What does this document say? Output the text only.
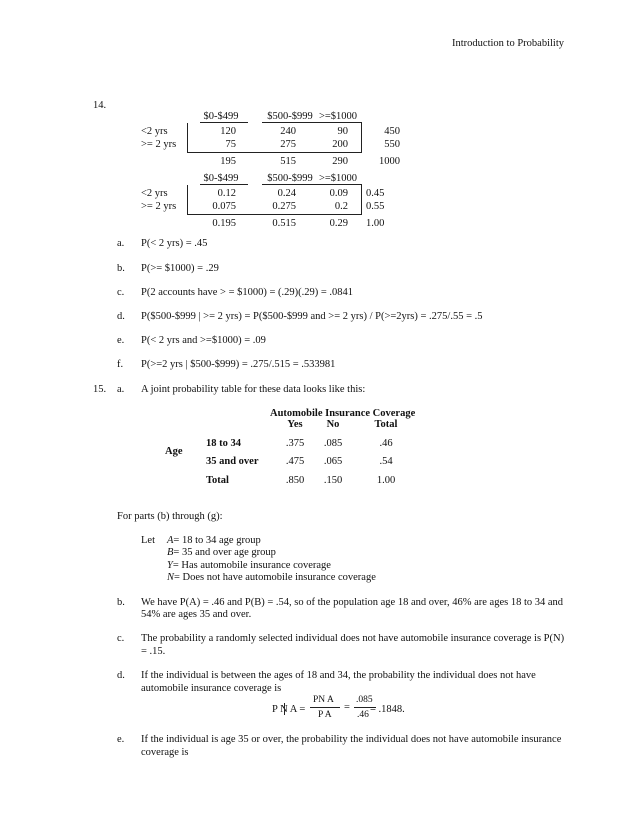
Introduction to Probability
14.
$0-$499	$500-$999 >=$1000
<2 yrs	120	240	90	450
>= 2 yrs	75	275	200	550
195	515	290	1000
$0-$499	$500-$999 >=$1000
<2 yrs	0.12	0.24	0.09 0.45
>= 2 yrs	0.075	0.275	0.2 0.55
0.195	0.515	0.29 1.00
a. P(< 2 yrs) = .45
b. P(>= $1000) = .29
c. P(2 accounts have > = $1000) = (.29)(.29) = .0841
d. P($500-$999 | >= 2 yrs) = P($500-$999 and >= 2 yrs) / P(>=2yrs) = .275/.55 = .5
e. P(< 2 yrs and >=$1000) = .09
f. P(>=2 yrs | $500-$999) = .275/.515 = .533981
15. a. A joint probability table for these data looks like this:
Automobile Insurance Coverage
Yes	No	Total
Age
18 to 34	.375	.085	.46
35 and over	.475	.065	.54
Total	.850	.150	1.00
For parts (b) through (g):
Let A= 18 to 34 age group
B= 35 and over age group
Y= Has automobile insurance coverage
N= Does not have automobile insurance coverage
b. We have P(A) = .46 and P(B) = .54, so of the population age 18 and over, 46% are ages 18 to 34 and
54% are ages 35 and over.
c. The probability a randomly selected individual does not have automobile insurance coverage is P(N)
= .15.
d. If the individual is between the ages of 18 and 34, the probability the individual does not have
automobile insurance coverage is
P N A =
PN A
P A
=
.085
.46 = .1848.
e. If the individual is age 35 or over, the probability the individual does not have automobile insurance
coverage is
